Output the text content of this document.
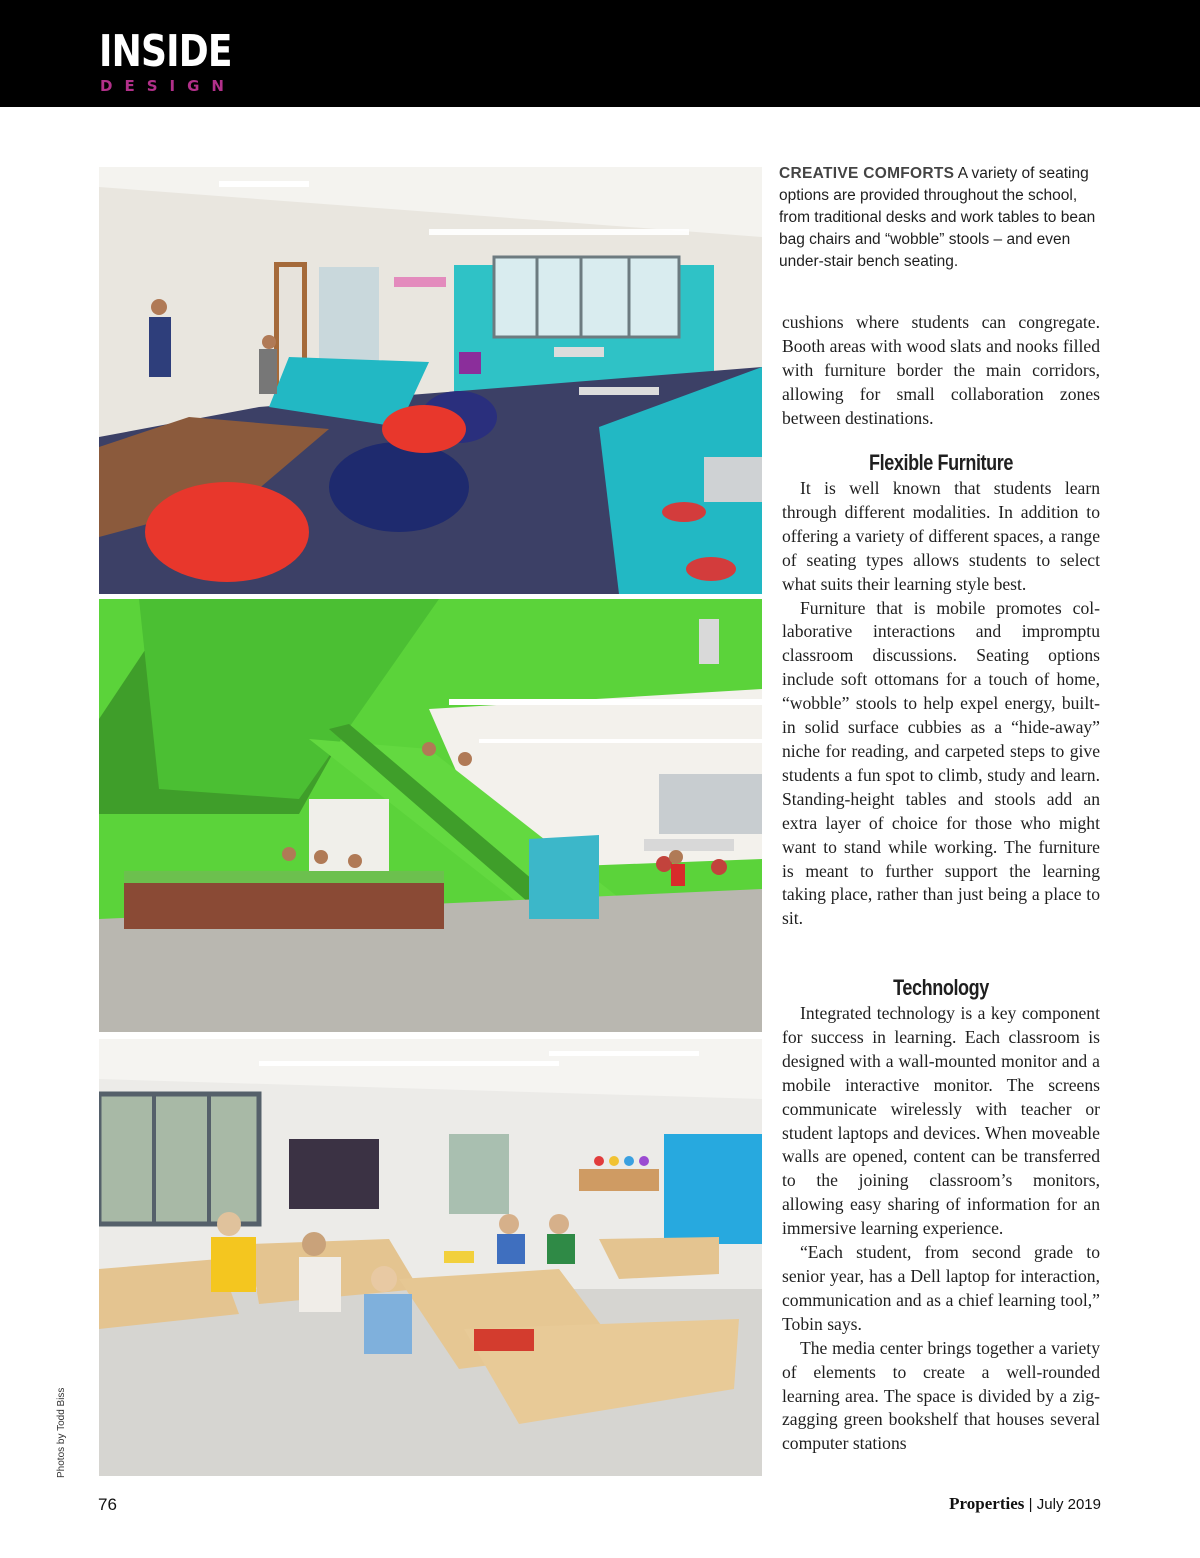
INSIDE
DESIGN
CREATIVE COMFORTS A variety of seating options are provided throughout the school, from traditional desks and work tables to bean bag chairs and “wobble” stools – and even under-stair bench seating.

cushions where students can congregate. Booth areas with wood slats and nooks filled with furniture border the main corridors, allowing for small collaboration zones between destinations.

Flexible Furniture

It is well known that students learn through different modalities. In addition to offering a variety of different spaces, a range of seating types allows students to select what suits their learning style best.

Furniture that is mobile promotes collaborative interactions and impromptu classroom discussions. Seating options include soft ottomans for a touch of home, “wobble” stools to help expel energy, built-in solid surface cubbies as a “hide-away” niche for reading, and carpeted steps to give students a fun spot to climb, study and learn. Standing-height tables and stools add an extra layer of choice for those who might want to stand while working. The furniture is meant to further support the learning taking place, rather than just being a place to sit.

Technology

Integrated technology is a key component for success in learning. Each classroom is designed with a wall-mounted monitor and a mobile interactive monitor. The screens communicate wirelessly with teacher or student laptops and devices. When moveable walls are opened, content can be transferred to the joining classroom’s monitors, allowing easy sharing of information for an immersive learning experience.

“Each student, from second grade to senior year, has a Dell laptop for interaction, communication and as a chief learning tool,” Tobin says.

The media center brings together a variety of elements to create a well-rounded learning area. The space is divided by a zig-zagging green bookshelf that houses several computer stations

Photos by Todd Biss
76	Properties | July 2019
